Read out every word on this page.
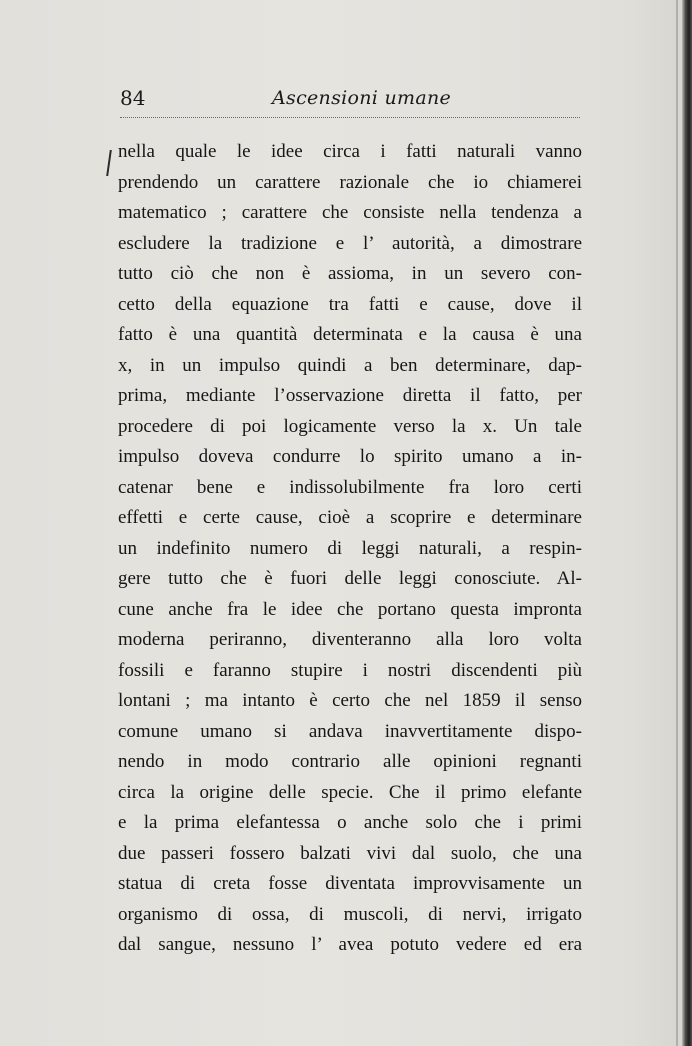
84	Ascensioni umane
nella quale le idee circa i fatti naturali vanno
prendendo un carattere razionale che io chiamerei
matematico ; carattere che consiste nella tendenza a
escludere la tradizione e l’ autorità, a dimostrare
tutto ciò che non è assioma, in un severo con-
cetto della equazione tra fatti e cause, dove il
fatto è una quantità determinata e la causa è una
x, in un impulso quindi a ben determinare, dap-
prima, mediante l’osservazione diretta il fatto, per
procedere di poi logicamente verso la x. Un tale
impulso doveva condurre lo spirito umano a in-
catenar bene e indissolubilmente fra loro certi
effetti e certe cause, cioè a scoprire e determinare
un indefinito numero di leggi naturali, a respin-
gere tutto che è fuori delle leggi conosciute. Al-
cune anche fra le idee che portano questa impronta
moderna periranno, diventeranno alla loro volta
fossili e faranno stupire i nostri discendenti più
lontani ; ma intanto è certo che nel 1859 il senso
comune umano si andava inavvertitamente dispo-
nendo in modo contrario alle opinioni regnanti
circa la origine delle specie. Che il primo elefante
e la prima elefantessa o anche solo che i primi
due passeri fossero balzati vivi dal suolo, che una
statua di creta fosse diventata improvvisamente un
organismo di ossa, di muscoli, di nervi, irrigato
dal sangue, nessuno l’ avea potuto vedere ed era
